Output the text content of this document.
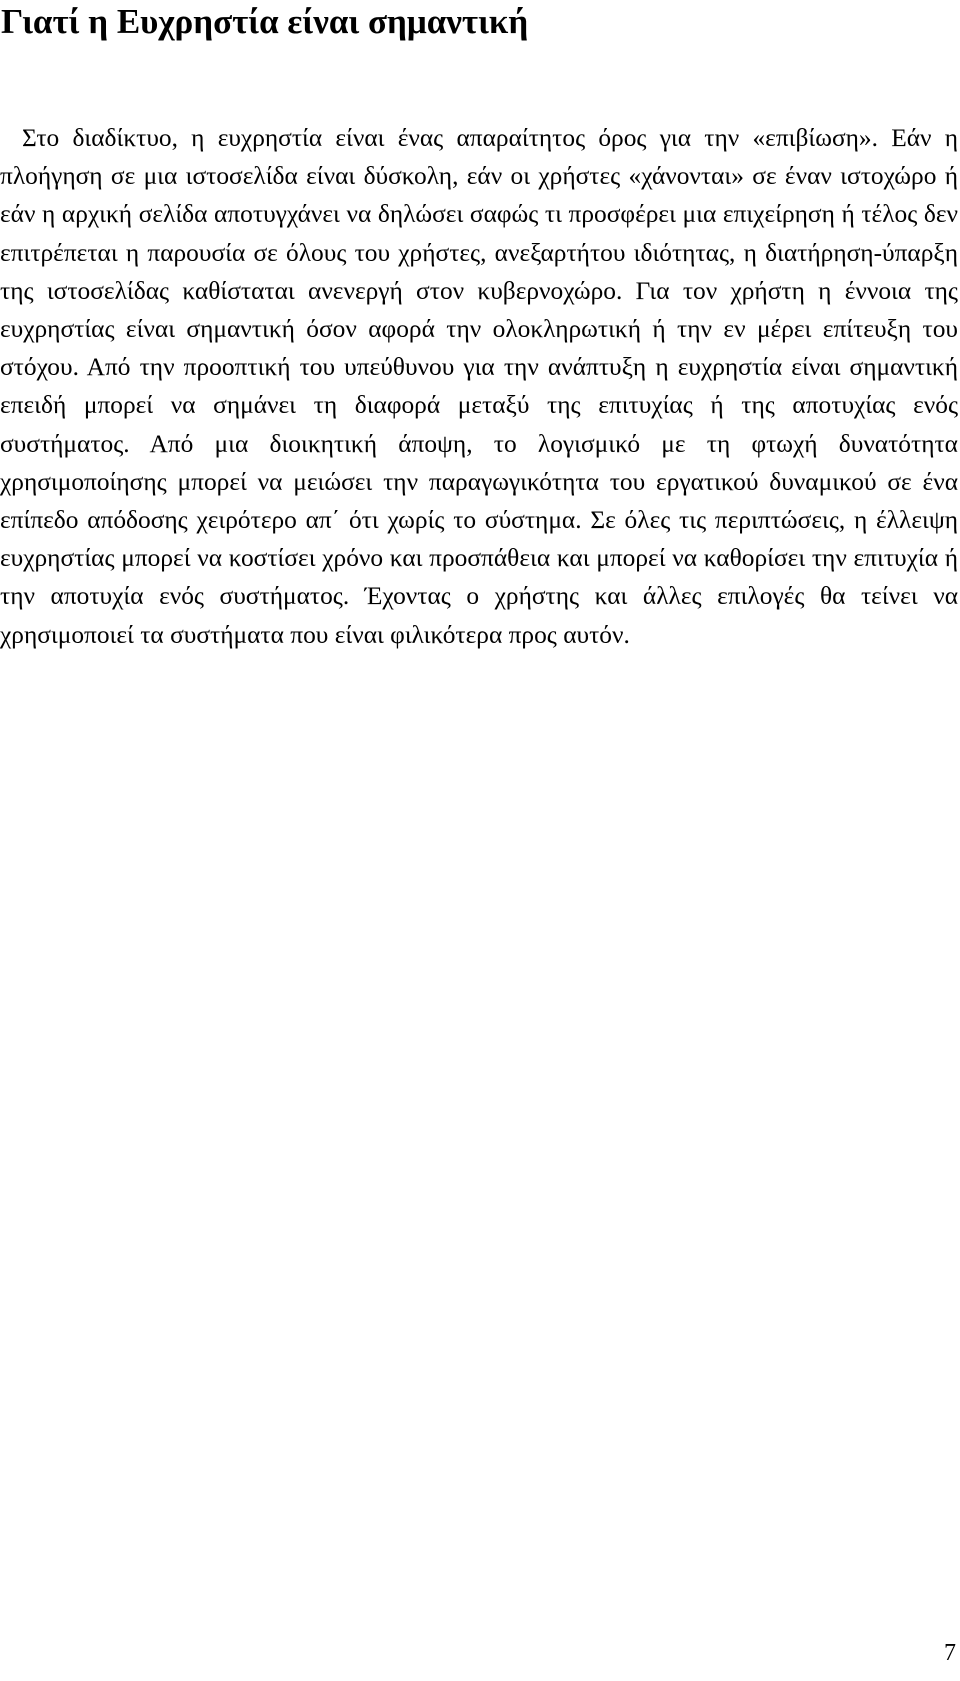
Γιατί η Ευχρηστία είναι σημαντική

Στο διαδίκτυο, η ευχρηστία είναι ένας απαραίτητος όρος για την «επιβίωση». Εάν η πλοήγηση σε μια ιστοσελίδα είναι δύσκολη, εάν οι χρήστες «χάνονται» σε έναν ιστοχώρο ή εάν η αρχική σελίδα αποτυγχάνει να δηλώσει σαφώς τι προσφέρει μια επιχείρηση ή τέλος δεν επιτρέπεται η παρουσία σε όλους του χρήστες, ανεξαρτήτου ιδιότητας, η διατήρηση-ύπαρξη της ιστοσελίδας καθίσταται ανενεργή στον κυβερνοχώρο. Για τον χρήστη η έννοια της ευχρηστίας είναι σημαντική όσον αφορά την ολοκληρωτική ή την εν μέρει επίτευξη του στόχου. Από την προοπτική του υπεύθυνου για την ανάπτυξη η ευχρηστία είναι σημαντική επειδή μπορεί να σημάνει τη διαφορά μεταξύ της επιτυχίας ή της αποτυχίας ενός συστήματος. Από μια διοικητική άποψη, το λογισμικό με τη φτωχή δυνατότητα χρησιμοποίησης μπορεί να μειώσει την παραγωγικότητα του εργατικού δυναμικού σε ένα επίπεδο απόδοσης χειρότερο απ΄ ότι χωρίς το σύστημα. Σε όλες τις περιπτώσεις, η έλλειψη ευχρηστίας μπορεί να κοστίσει χρόνο και προσπάθεια και μπορεί να καθορίσει την επιτυχία ή την αποτυχία ενός συστήματος. Έχοντας ο χρήστης και άλλες επιλογές θα τείνει να χρησιμοποιεί τα συστήματα που είναι φιλικότερα προς αυτόν.

7
